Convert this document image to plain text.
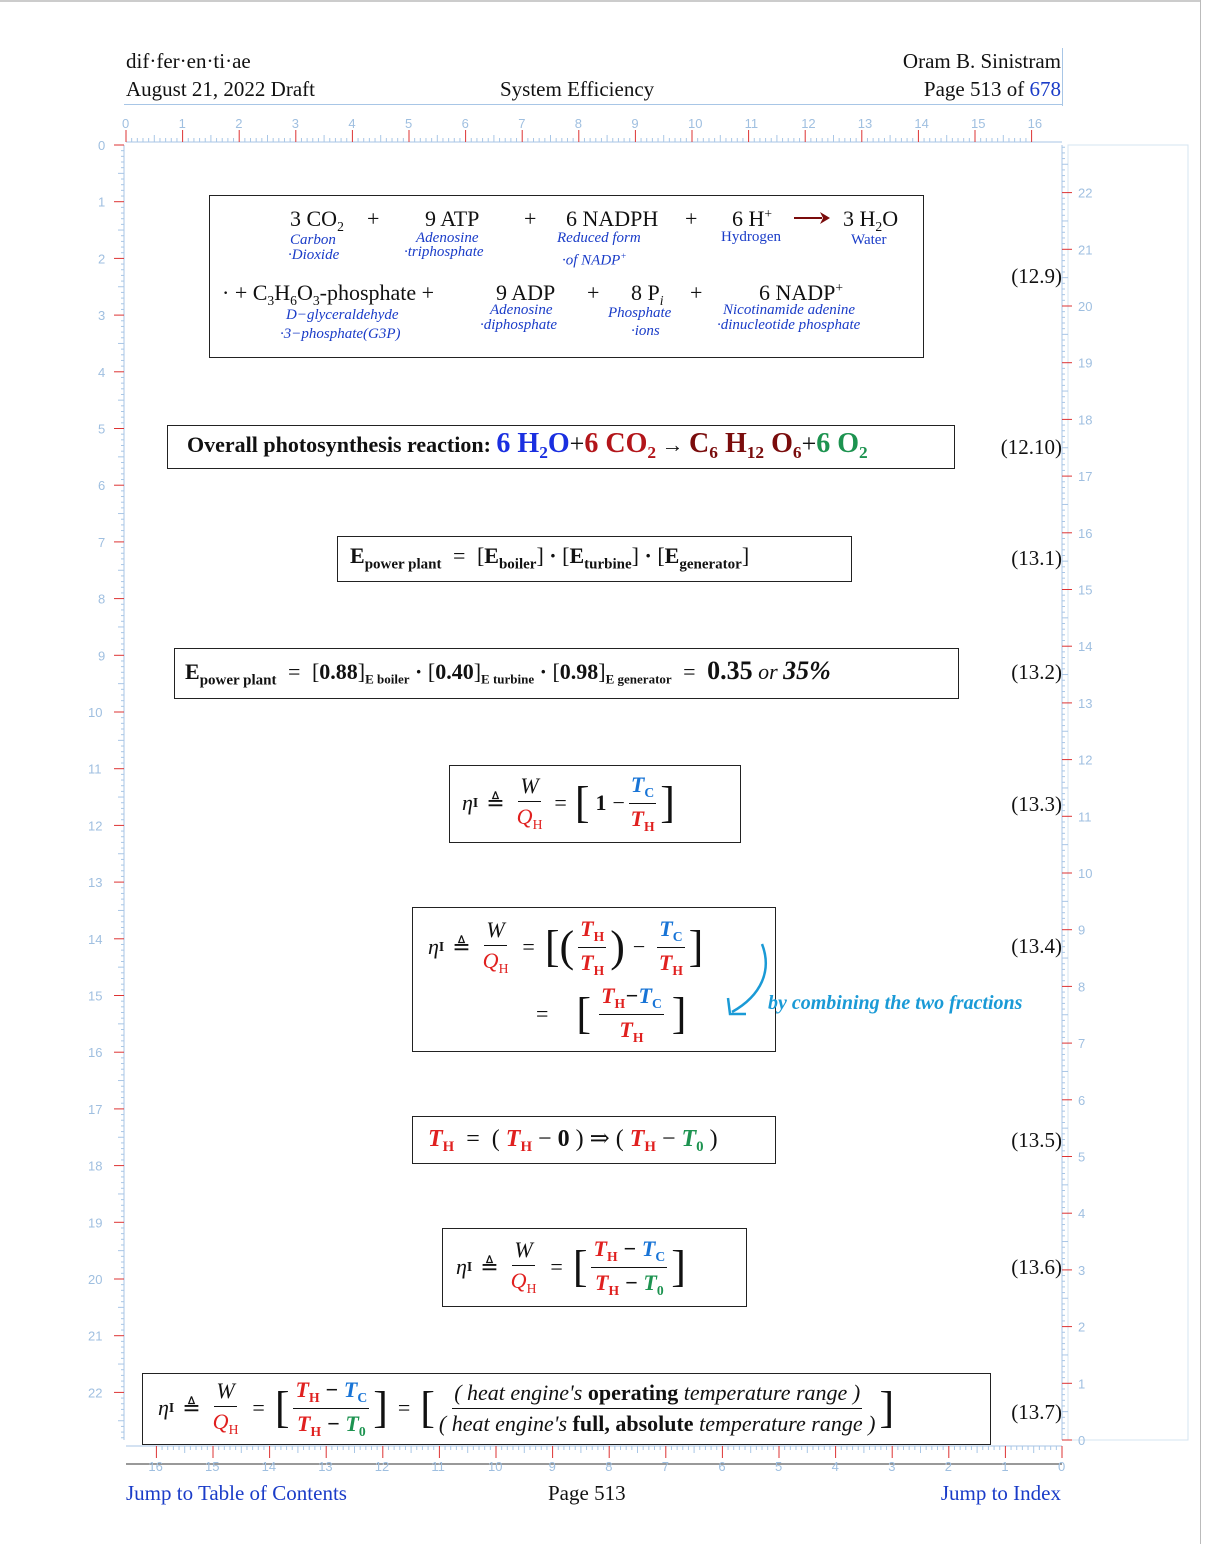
dif·fer·en·ti·ae
August 21, 2022 Draft	System Efficiency
Oram B. Sinistram
Page 513 of 678
0	1	2	3	4	5	6	7	8	9	10	11	12	13	14	15	16
0
1
2
3
4
5
6
7
8
9
10
11
12
13
14
15
16
17
18
19
20
21
22
22
21
20
19
18
17
16
15
14
13
12
11
10
9
8
7
6
5
4
3
2
1
0
16	15	14	13	12	11	10	9	8	7	6	5	4	3	2	1	0
3 $CO_2 + 9$ ATP + 6 NADPH + 6 H+ → 3 $H_2O$
Carbon
·Dioxide
Adenosine
·triphosphate
Reduced form
·of NADP+
Hydrogen	Water
· + $C_3H_6O_3$-phosphate +	9 ADP + 8 $P_i$ +	6 NADP+
D−glyceraldehyde
·3−phosphate(G3P)
Adenosine
·diphosphate
Phosphate
·ions
Nicotinamide adenine
·dinucleotide phosphate
(12.9)
Overall photosynthesis reaction: 6 $H_2O+6$ $CO_2 \to C_6$ $H_{12}$ $O_6+6$ $O_2$	(12.10)
$E_{power plant} = [E_{boiler}] \cdot [E_{turbine}] \cdot [E_{generator}]$	(13.1)
$E_{power plant} = [0.88]_{E boiler} \cdot [0.40]_{E turbine} \cdot [0.98]_{E generator} = 0.35$ or 35%	(13.2)
η I ≜ $\frac{W}{Q_H}$ = [ $1 - \frac{T_C}{T_H}$ ]	(13.3)
η I ≜ $\frac{W}{Q_H}$ = [ ( $\frac{T_H}{T_H}$ ) − $\frac{T_C}{T_H}$ ]
= [ $\frac{T_H-T_C}{T_H}$ ]	by combining the two fractions
(13.4)
$T_H$ = ( $T_H - 0$ ) ⇒ ( $T_H - T_0$ )	(13.5)
η I ≜ $\frac{W}{Q_H}$ = [ $\frac{T_H - T_C}{T_H - T_0}$ ]	(13.6)
η I ≜ $\frac{W}{Q_H}$ = [ $\frac{T_H - T_C}{T_H - T_0}$ ] = [ $\frac{\text{( heat engine's operating temperature range )}}{\text{( heat engine's full, absolute temperature range )}}$ ]	(13.7)
Jump to Table of Contents	Page 513	Jump to Index
